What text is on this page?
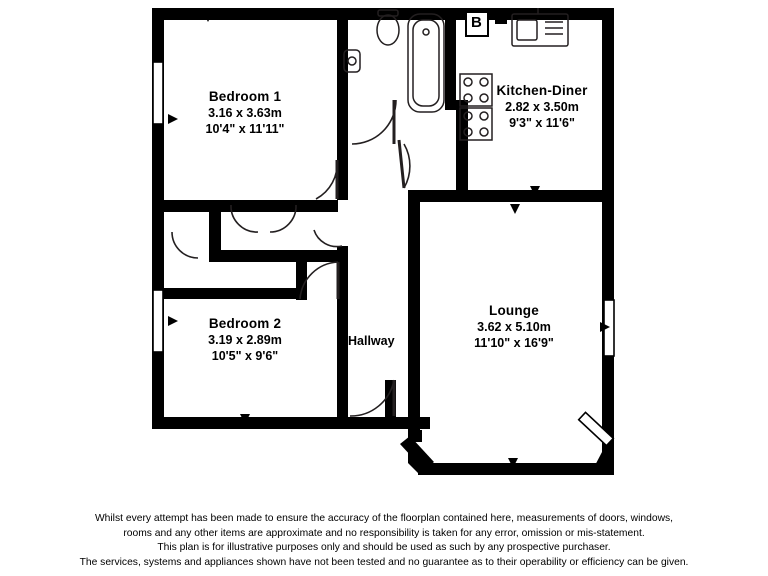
B
Bedroom 1
3.16 x 3.63m
10'4" x 11'11"
Bedroom 2
3.19 x 2.89m
10'5" x 9'6"
Kitchen-Diner
2.82 x 3.50m
9'3" x 11'6"
Lounge
3.62 x 5.10m
11'10" x 16'9"
Hallway
Whilst every attempt has been made to ensure the accuracy of the floorplan contained here, measurements of doors, windows,
rooms and any other items are approximate and no responsibility is taken for any error, omission or mis-statement.
This plan is for illustrative purposes only and should be used as such by any prospective purchaser.
The services, systems and appliances shown have not been tested and no guarantee as to their operability or efficiency can be given.
